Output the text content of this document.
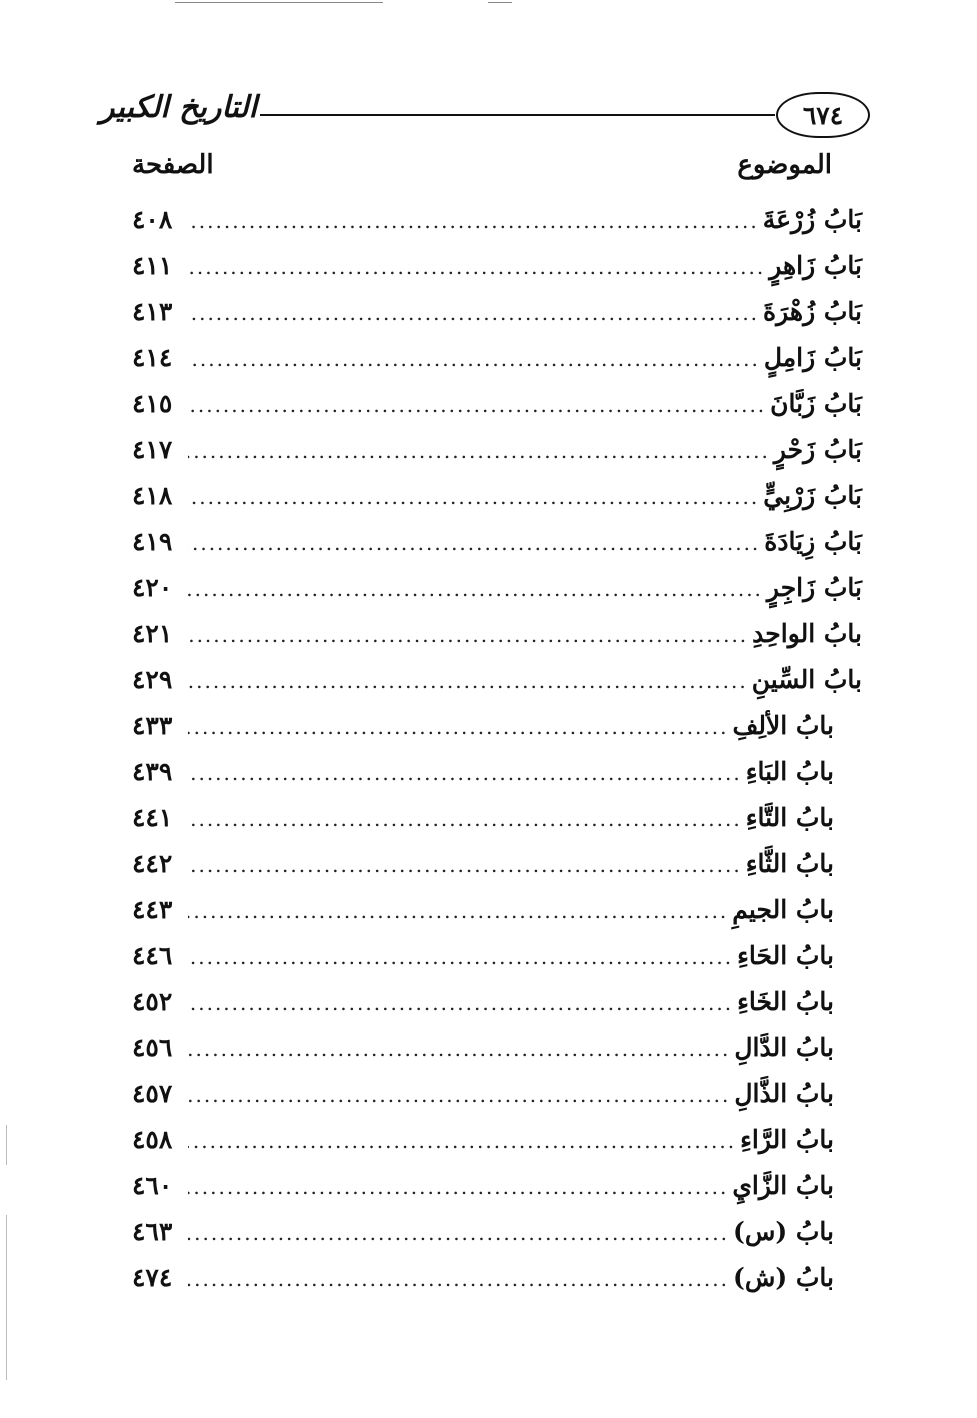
٦٧٤
التاريخ الكبير
الموضوع
الصفحة
بَابُ زُرْعَةَ
.....
٤٠٨
بَابُ زَاهِرٍ
.....
٤١١
بَابُ زُهْرَةَ
.....
٤١٣
بَابُ زَامِلٍ
.....
٤١٤
بَابُ زَبَّانَ
.....
٤١٥
بَابُ زَحْرٍ
.....
٤١٧
بَابُ زَرْبِيٍّ
.....
٤١٨
بَابُ زِيَادَةَ
.....
٤١٩
بَابُ زَاجِرٍ
.....
٤٢٠
بابُ الواحِدِ
.....
٤٢١
بابُ السِّينِ
.....
٤٢٩
بابُ الألِفِ
.....
٤٣٣
بابُ البَاءِ
.....
٤٣٩
بابُ التَّاءِ
.....
٤٤١
بابُ الثَّاءِ
.....
٤٤٢
بابُ الجيمِ
.....
٤٤٣
بابُ الحَاءِ
.....
٤٤٦
بابُ الخَاءِ
.....
٤٥٢
بابُ الدَّالِ
.....
٤٥٦
بابُ الذَّالِ
.....
٤٥٧
بابُ الرَّاءِ
.....
٤٥٨
بابُ الزَّايِ
.....
٤٦٠
بابُ (س)
.....
٤٦٣
بابُ (ش)
.....
٤٧٤
